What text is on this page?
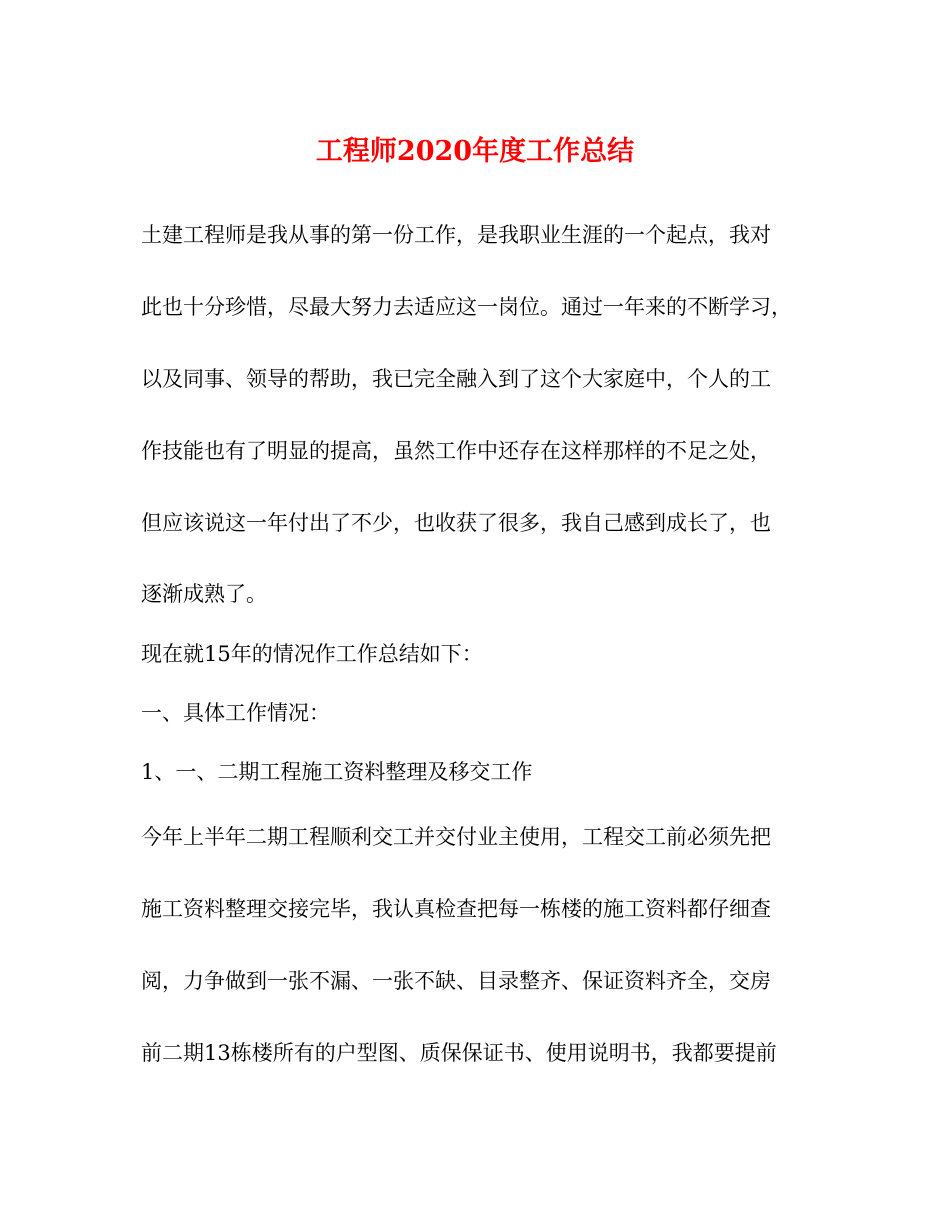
工程师2020年度工作总结

土建工程师是我从事的第一份工作，是我职业生涯的一个起点，我对

此也十分珍惜，尽最大努力去适应这一岗位。通过一年来的不断学习，

以及同事、领导的帮助，我已完全融入到了这个大家庭中，个人的工

作技能也有了明显的提高，虽然工作中还存在这样那样的不足之处，

但应该说这一年付出了不少，也收获了很多，我自己感到成长了，也

逐渐成熟了。

现在就15年的情况作工作总结如下：

一、具体工作情况：

1、一、二期工程施工资料整理及移交工作

今年上半年二期工程顺利交工并交付业主使用，工程交工前必须先把

施工资料整理交接完毕，我认真检查把每一栋楼的施工资料都仔细查

阅，力争做到一张不漏、一张不缺、目录整齐、保证资料齐全，交房

前二期13栋楼所有的户型图、质保保证书、使用说明书，我都要提前
